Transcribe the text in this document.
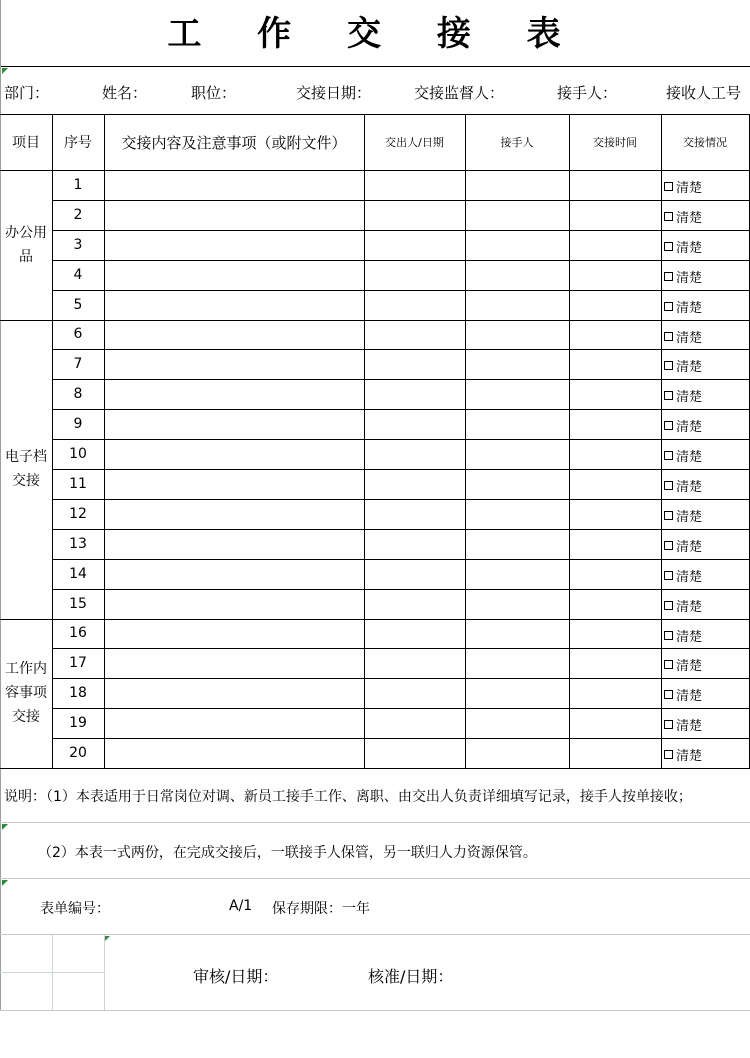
工 作 交 接 表
部门：	姓名：	职位：	交接日期：	交接监督人：	接手人：	接收人工号
项目	序号	交接内容及注意事项（或附文件）	交出人/日期	接手人	交接时间	交接情况
办公用
品
1	清楚
2	清楚
3	清楚
4	清楚
5	清楚
电子档
交接
6	清楚
7	清楚
8	清楚
9	清楚
10	清楚
11	清楚
12	清楚
13	清楚
14	清楚
15	清楚
工作内
容事项
交接
16	清楚
17	清楚
18	清楚
19	清楚
20	清楚
说明：（1）本表适用于日常岗位对调、新员工接手工作、离职、由交出人负责详细填写记录，接手人按单接收；
（2）本表一式两份，在完成交接后，一联接手人保管，另一联归人力资源保管。
表单编号：	A/1 保存期限：一年
审核/日期：	核准/日期：
